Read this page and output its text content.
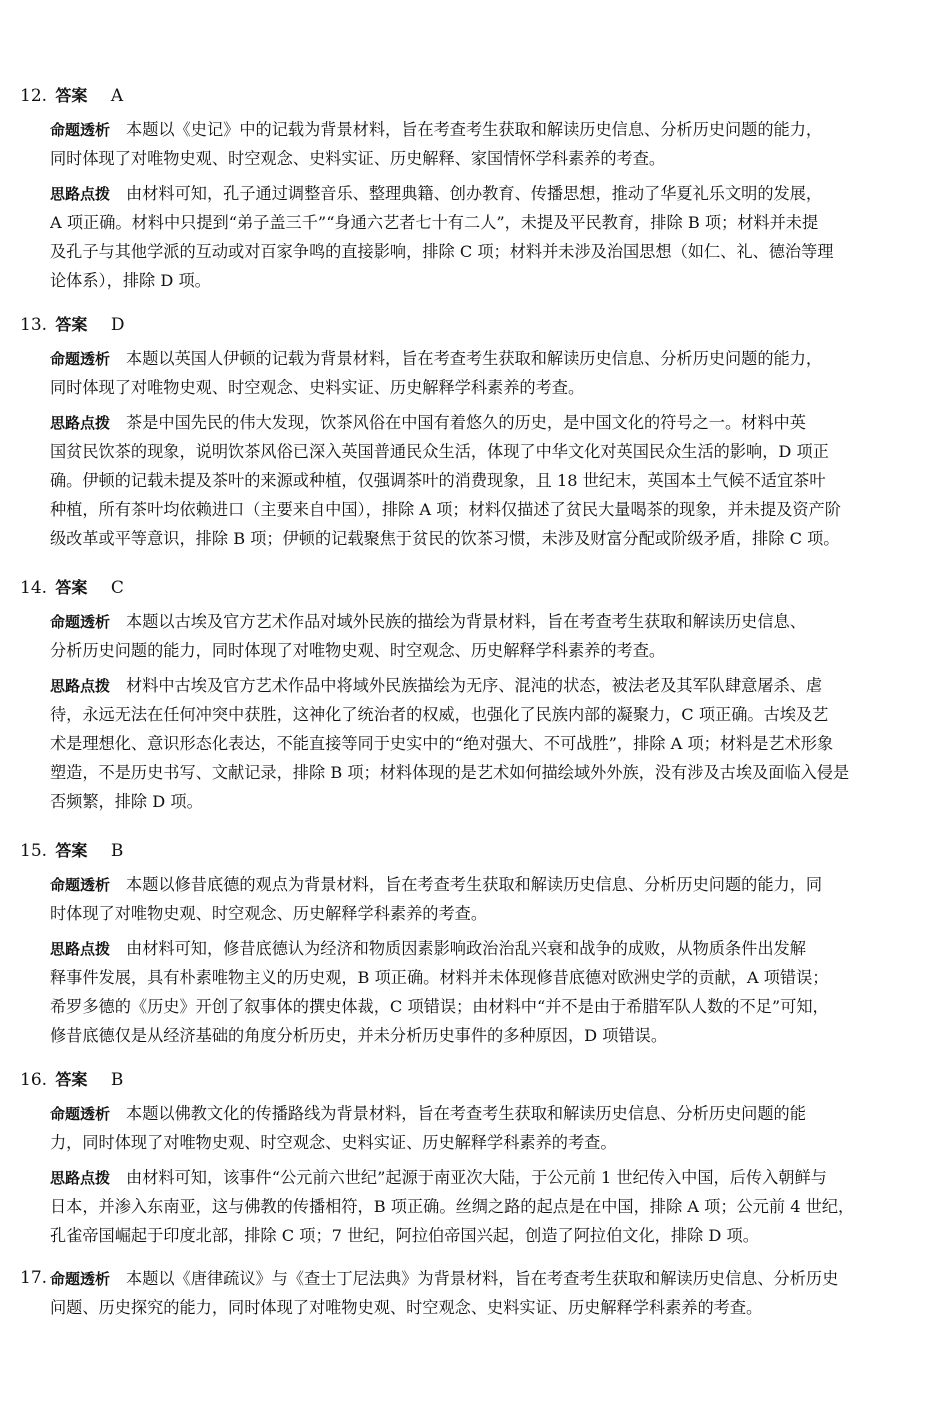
12. 答案 A
命题透析 本题以《史记》中的记载为背景材料，旨在考查考生获取和解读历史信息、分析历史问题的能力，
同时体现了对唯物史观、时空观念、史料实证、历史解释、家国情怀学科素养的考查。
思路点拨 由材料可知，孔子通过调整音乐、整理典籍、创办教育、传播思想，推动了华夏礼乐文明的发展，
A 项正确。材料中只提到“弟子盖三千”“身通六艺者七十有二人”，未提及平民教育，排除 B 项；材料并未提
及孔子与其他学派的互动或对百家争鸣的直接影响，排除 C 项；材料并未涉及治国思想（如仁、礼、德治等理
论体系），排除 D 项。
13. 答案 D
命题透析 本题以英国人伊顿的记载为背景材料，旨在考查考生获取和解读历史信息、分析历史问题的能力，
同时体现了对唯物史观、时空观念、史料实证、历史解释学科素养的考查。
思路点拨 茶是中国先民的伟大发现，饮茶风俗在中国有着悠久的历史，是中国文化的符号之一。材料中英
国贫民饮茶的现象，说明饮茶风俗已深入英国普通民众生活，体现了中华文化对英国民众生活的影响，D 项正
确。伊顿的记载未提及茶叶的来源或种植，仅强调茶叶的消费现象，且 18 世纪末，英国本土气候不适宜茶叶
种植，所有茶叶均依赖进口（主要来自中国），排除 A 项；材料仅描述了贫民大量喝茶的现象，并未提及资产阶
级改革或平等意识，排除 B 项；伊顿的记载聚焦于贫民的饮茶习惯，未涉及财富分配或阶级矛盾，排除 C 项。
14. 答案 C
命题透析 本题以古埃及官方艺术作品对域外民族的描绘为背景材料，旨在考查考生获取和解读历史信息、
分析历史问题的能力，同时体现了对唯物史观、时空观念、历史解释学科素养的考查。
思路点拨 材料中古埃及官方艺术作品中将域外民族描绘为无序、混沌的状态，被法老及其军队肆意屠杀、虐
待，永远无法在任何冲突中获胜，这神化了统治者的权威，也强化了民族内部的凝聚力，C 项正确。古埃及艺
术是理想化、意识形态化表达，不能直接等同于史实中的“绝对强大、不可战胜”，排除 A 项；材料是艺术形象
塑造，不是历史书写、文献记录，排除 B 项；材料体现的是艺术如何描绘域外外族，没有涉及古埃及面临入侵是
否频繁，排除 D 项。
15. 答案 B
命题透析 本题以修昔底德的观点为背景材料，旨在考查考生获取和解读历史信息、分析历史问题的能力，同
时体现了对唯物史观、时空观念、历史解释学科素养的考查。
思路点拨 由材料可知，修昔底德认为经济和物质因素影响政治治乱兴衰和战争的成败，从物质条件出发解
释事件发展，具有朴素唯物主义的历史观，B 项正确。材料并未体现修昔底德对欧洲史学的贡献，A 项错误；
希罗多德的《历史》开创了叙事体的撰史体裁，C 项错误；由材料中“并不是由于希腊军队人数的不足”可知，
修昔底德仅是从经济基础的角度分析历史，并未分析历史事件的多种原因，D 项错误。
16. 答案 B
命题透析 本题以佛教文化的传播路线为背景材料，旨在考查考生获取和解读历史信息、分析历史问题的能
力，同时体现了对唯物史观、时空观念、史料实证、历史解释学科素养的考查。
思路点拨 由材料可知，该事件“公元前六世纪”起源于南亚次大陆，于公元前 1 世纪传入中国，后传入朝鲜与
日本，并渗入东南亚，这与佛教的传播相符，B 项正确。丝绸之路的起点是在中国，排除 A 项；公元前 4 世纪，
孔雀帝国崛起于印度北部，排除 C 项；7 世纪，阿拉伯帝国兴起，创造了阿拉伯文化，排除 D 项。
17. 命题透析 本题以《唐律疏议》与《查士丁尼法典》为背景材料，旨在考查考生获取和解读历史信息、分析历史
问题、历史探究的能力，同时体现了对唯物史观、时空观念、史料实证、历史解释学科素养的考查。
